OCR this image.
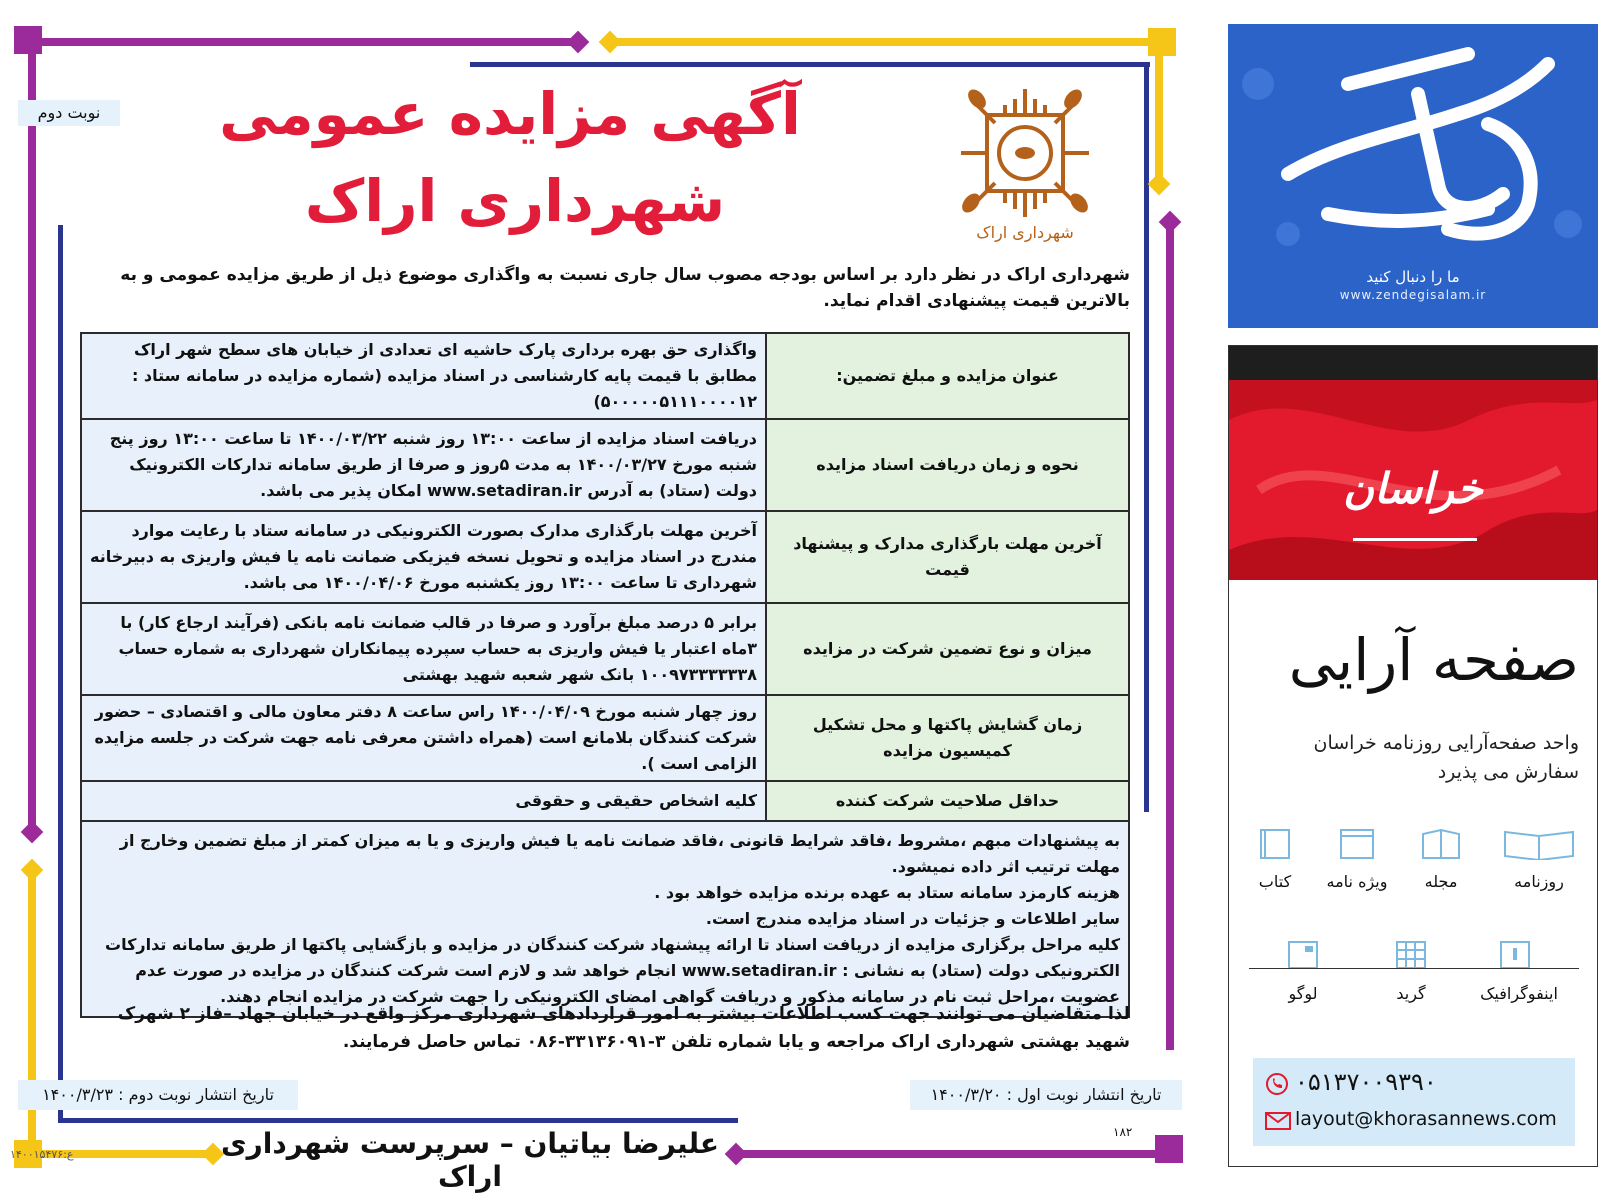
نوبت دوم	آگهی مزایده عمومی
شهرداری اراک	شهرداری اراک
شهرداری اراک در نظر دارد بر اساس بودجه مصوب سال جاری نسبت به واگذاری موضوع ذیل از طریق مزایده عمومی و به بالاترین قیمت پیشنهادی اقدام نماید.
عنوان مزایده و مبلغ تضمین:	واگذاری حق بهره برداری پارک حاشیه ای تعدادی از خیابان های سطح شهر اراک مطابق با قیمت پایه کارشناسی در اسناد مزایده (شماره مزایده در سامانه ستاد : ۵۰۰۰۰۰۵۱۱۱۰۰۰۰۱۲)
نحوه و زمان دریافت اسناد مزایده	دریافت اسناد مزایده از ساعت ۱۳:۰۰ روز شنبه ۱۴۰۰/۰۳/۲۲ تا ساعت ۱۳:۰۰ روز پنج شنبه مورخ ۱۴۰۰/۰۳/۲۷ به مدت ۵روز و صرفا از طریق سامانه تدارکات الکترونیک دولت (ستاد) به آدرس www.setadiran.ir امکان پذیر می باشد.
آخرین مهلت بارگذاری مدارک و پیشنهاد قیمت	آخرین مهلت بارگذاری مدارک بصورت الکترونیکی در سامانه ستاد با رعایت موارد مندرج در اسناد مزایده و تحویل نسخه فیزیکی ضمانت نامه یا فیش واریزی به دبیرخانه شهرداری تا ساعت ۱۳:۰۰ روز یکشنبه مورخ ۱۴۰۰/۰۴/۰۶ می باشد.
میزان و نوع تضمین شرکت در مزایده	برابر ۵ درصد مبلغ برآورد و صرفا در قالب ضمانت نامه بانکی (فرآیند ارجاع کار) با ۳ماه اعتبار یا فیش واریزی به حساب سپرده پیمانکاران شهرداری به شماره حساب ۱۰۰۹۷۳۳۳۳۳۳۸ بانک شهر شعبه شهید بهشتی
زمان گشایش پاکتها و محل تشکیل کمیسیون مزایده	روز چهار شنبه مورخ ۱۴۰۰/۰۴/۰۹ راس ساعت ۸ دفتر معاون مالی و اقتصادی – حضور شرکت کنندگان بلامانع است (همراه داشتن معرفی نامه جهت شرکت در جلسه مزایده الزامی است ).
حداقل صلاحیت شرکت کننده	کلیه اشخاص حقیقی و حقوقی

به پیشنهادات مبهم ،مشروط ،فاقد شرایط قانونی ،فاقد ضمانت نامه یا فیش واریزی و یا به میزان کمتر از مبلغ تضمین وخارج از مهلت ترتیب اثر داده نمیشود.
هزینه کارمزد سامانه ستاد به عهده برنده مزایده خواهد بود .
سایر اطلاعات و جزئیات در اسناد مزایده مندرج است.
کلیه مراحل برگزاری مزایده از دریافت اسناد تا ارائه پیشنهاد شرکت کنندگان در مزایده و بازگشایی پاکتها از طریق سامانه تدارکات الکترونیکی دولت (ستاد) به نشانی : www.setadiran.ir انجام خواهد شد و لازم است شرکت کنندگان در مزایده در صورت عدم عضویت ،مراحل ثبت نام در سامانه مذکور و دریافت گواهی امضای الکترونیکی را جهت شرکت در مزایده انجام دهند.	
لذا متقاضیان می توانند جهت کسب اطلاعات بیشتر به امور قراردادهای شهرداری مرکز واقع در خیابان جهاد –فاز ۲ شهرک شهید بهشتی شهرداری اراک مراجعه و یابا شماره تلفن ۳-۳۳۱۳۶۰۹۱-۰۸۶ تماس حاصل فرمایند.
تاریخ انتشار نوبت دوم : ۱۴۰۰/۳/۲۳	تاریخ انتشار نوبت اول : ۱۴۰۰/۳/۲۰
علیرضا بیاتیان – سرپرست شهرداری اراک
۱۸۲
ع:۱۴۰۰۱۵۴۷۶
ما را دنبال کنید
www.zendegisalam.ir
خراسان
صفحه آرایی
واحد صفحه‌آرایی روزنامه خراسان سفارش می پذیرد
روزنامه
مجله
ویژه نامه
کتاب
اینفوگرافیک
گرید
لوگو
۰۵۱۳۷۰۰۹۳۹۰
layout@khorasannews.com
